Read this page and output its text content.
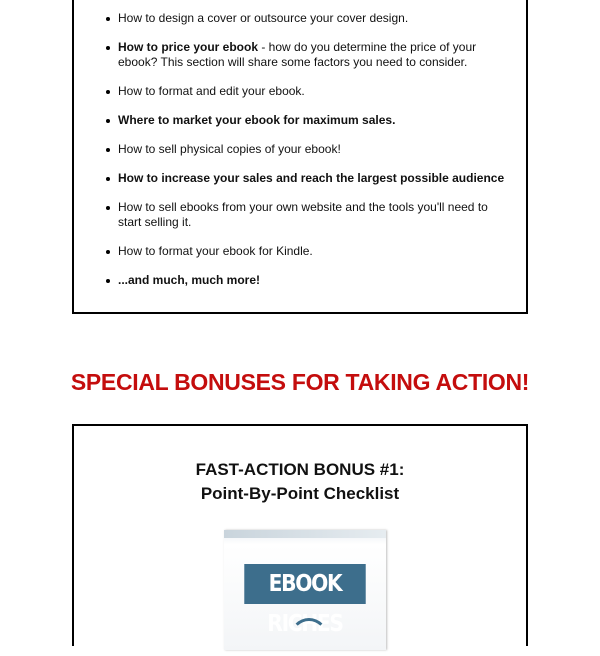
How to design a cover or outsource your cover design.
How to price your ebook - how do you determine the price of your ebook? This section will share some factors you need to consider.
How to format and edit your ebook.
Where to market your ebook for maximum sales.
How to sell physical copies of your ebook!
How to increase your sales and reach the largest possible audience
How to sell ebooks from your own website and the tools you'll need to start selling it.
How to format your ebook for Kindle.
...and much, much more!
SPECIAL BONUSES FOR TAKING ACTION!
FAST-ACTION BONUS #1:
Point-By-Point Checklist
EBOOK RICHES
